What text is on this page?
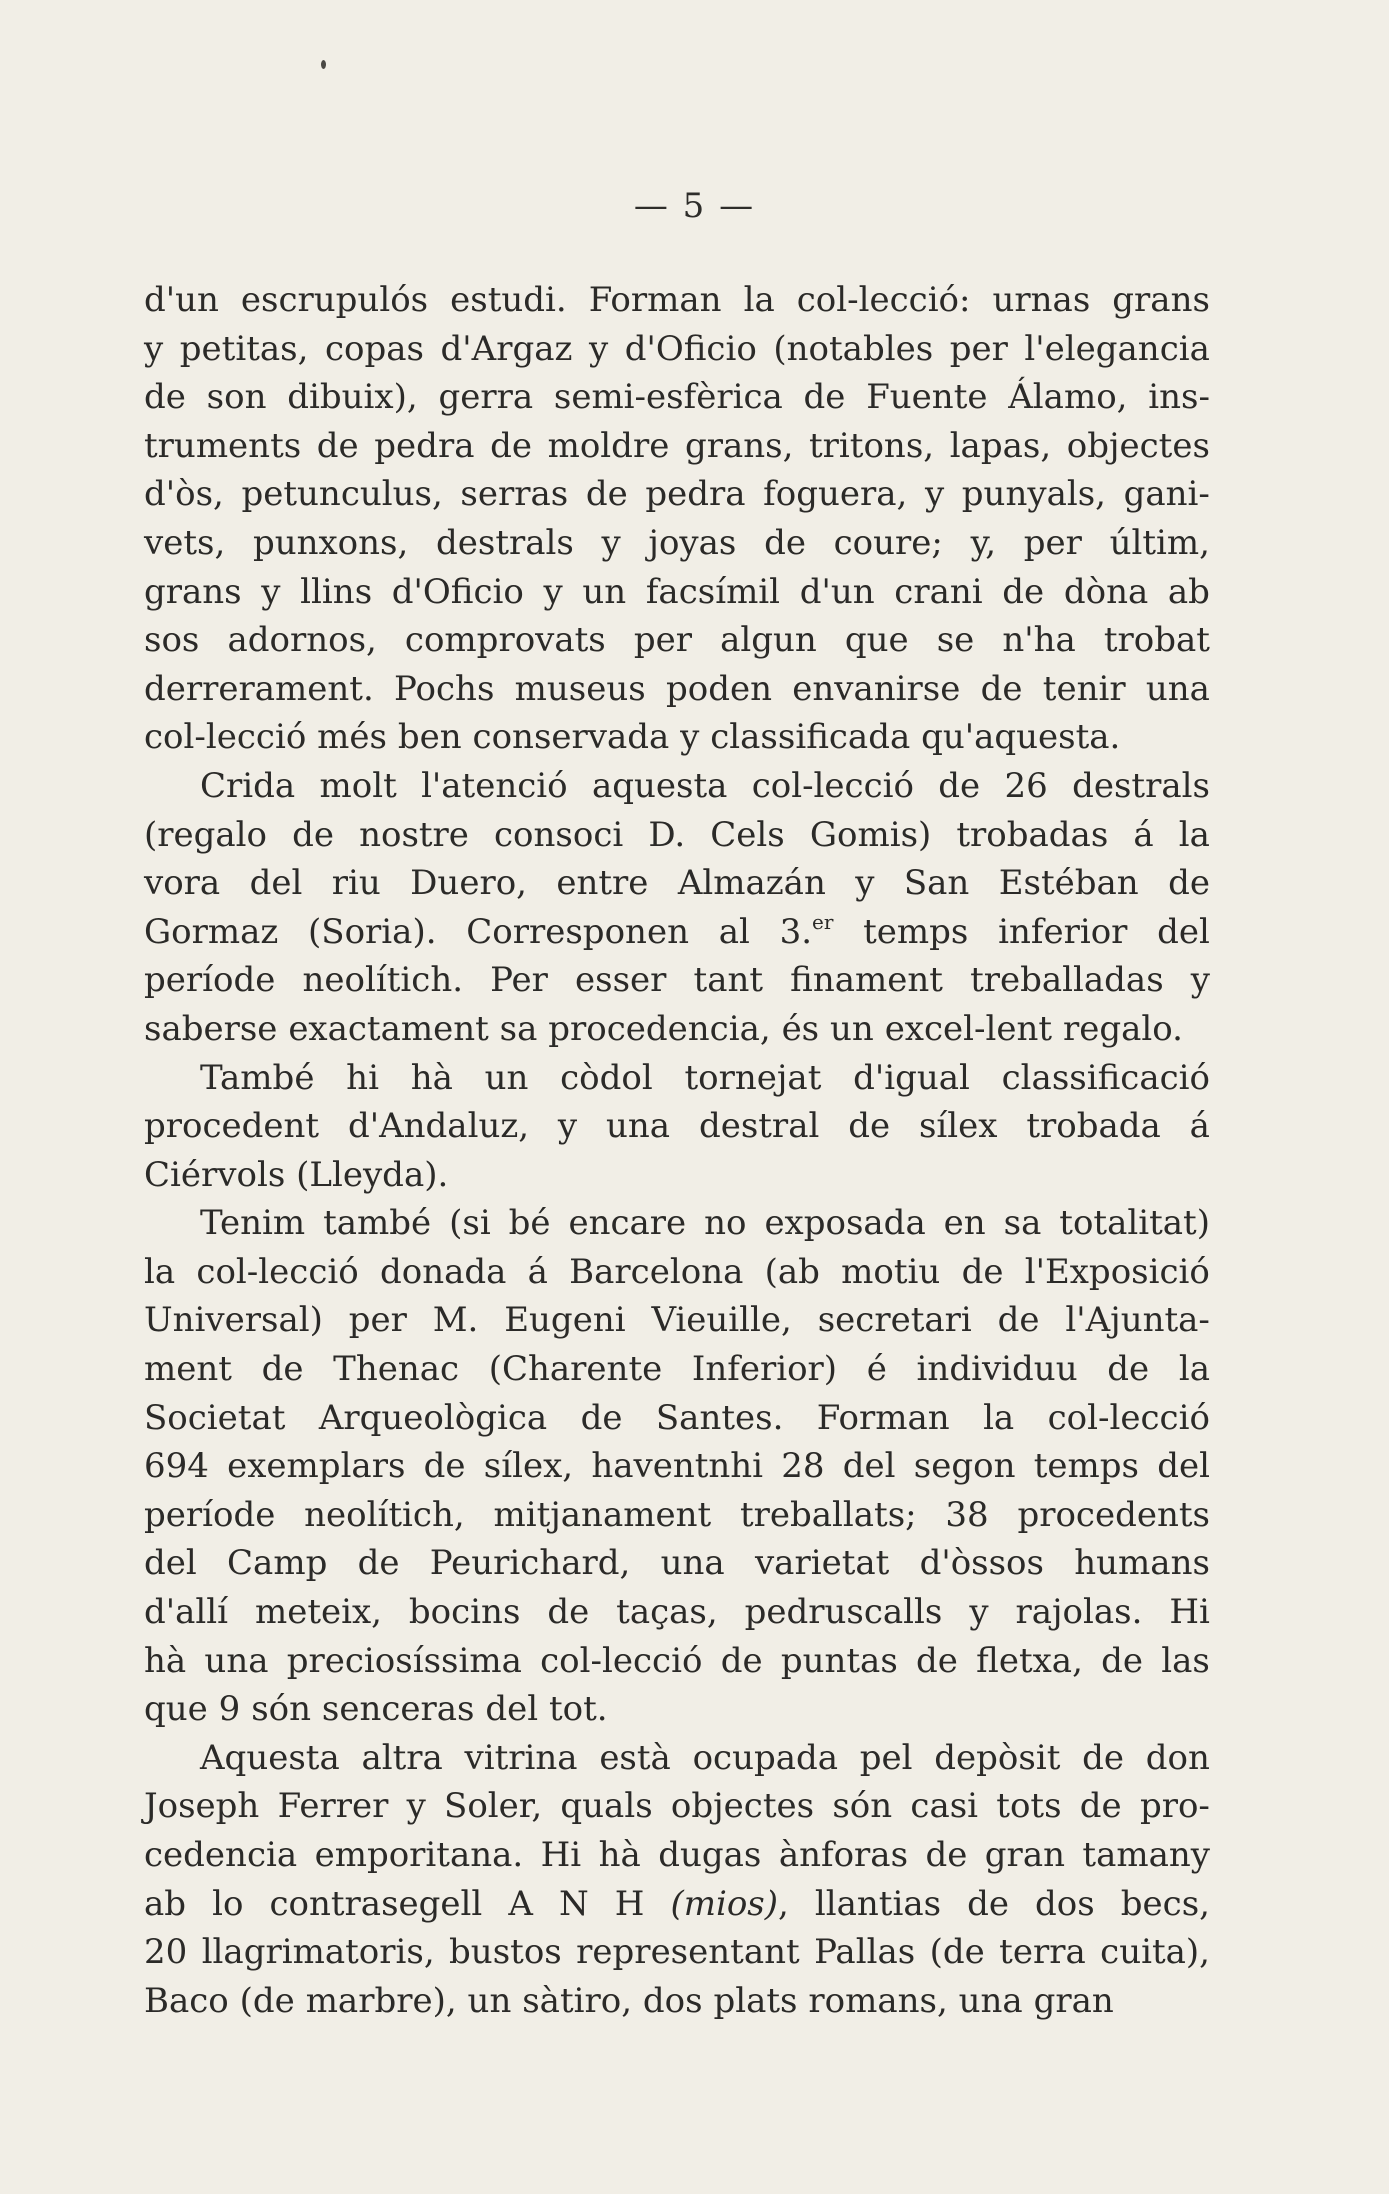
— 5 —
d'un escrupulós estudi. Forman la col-lecció: urnas grans
y petitas, copas d'Argaz y d'Oficio (notables per l'elegancia
de son dibuix), gerra semi-esfèrica de Fuente Álamo, ins-
truments de pedra de moldre grans, tritons, lapas, objectes
d'òs, petunculus, serras de pedra foguera, y punyals, gani-
vets, punxons, destrals y joyas de coure; y, per últim,
grans y llins d'Oficio y un facsímil d'un crani de dòna ab
sos adornos, comprovats per algun que se n'ha trobat
derrerament. Pochs museus poden envanirse de tenir una
col-lecció més ben conservada y classificada qu'aquesta.
Crida molt l'atenció aquesta col-lecció de 26 destrals
(regalo de nostre consoci D. Cels Gomis) trobadas á la
vora del riu Duero, entre Almazán y San Estéban de
Gormaz (Soria). Corresponen al 3.$^{er}$ temps inferior del
període neolítich. Per esser tant finament treballadas y
saberse exactament sa procedencia, és un excel-lent regalo.
També hi hà un còdol tornejat d'igual classificació
procedent d'Andaluz, y una destral de sílex trobada á
Ciérvols (Lleyda).
Tenim també (si bé encare no exposada en sa totalitat)
la col-lecció donada á Barcelona (ab motiu de l'Exposició
Universal) per M. Eugeni Vieuille, secretari de l'Ajunta-
ment de Thenac (Charente Inferior) é individuu de la
Societat Arqueològica de Santes. Forman la col-lecció
694 exemplars de sílex, haventnhi 28 del segon temps del
període neolítich, mitjanament treballats; 38 procedents
del Camp de Peurichard, una varietat d'òssos humans
d'allí meteix, bocins de taças, pedruscalls y rajolas. Hi
hà una preciosíssima col-lecció de puntas de fletxa, de las
que 9 són senceras del tot.
Aquesta altra vitrina està ocupada pel depòsit de don
Joseph Ferrer y Soler, quals objectes són casi tots de pro-
cedencia emporitana. Hi hà dugas ànforas de gran tamany
ab lo contrasegell A N H (mios), llantias de dos becs,
20 llagrimatoris, bustos representant Pallas (de terra cuita),
Baco (de marbre), un sàtiro, dos plats romans, una gran
